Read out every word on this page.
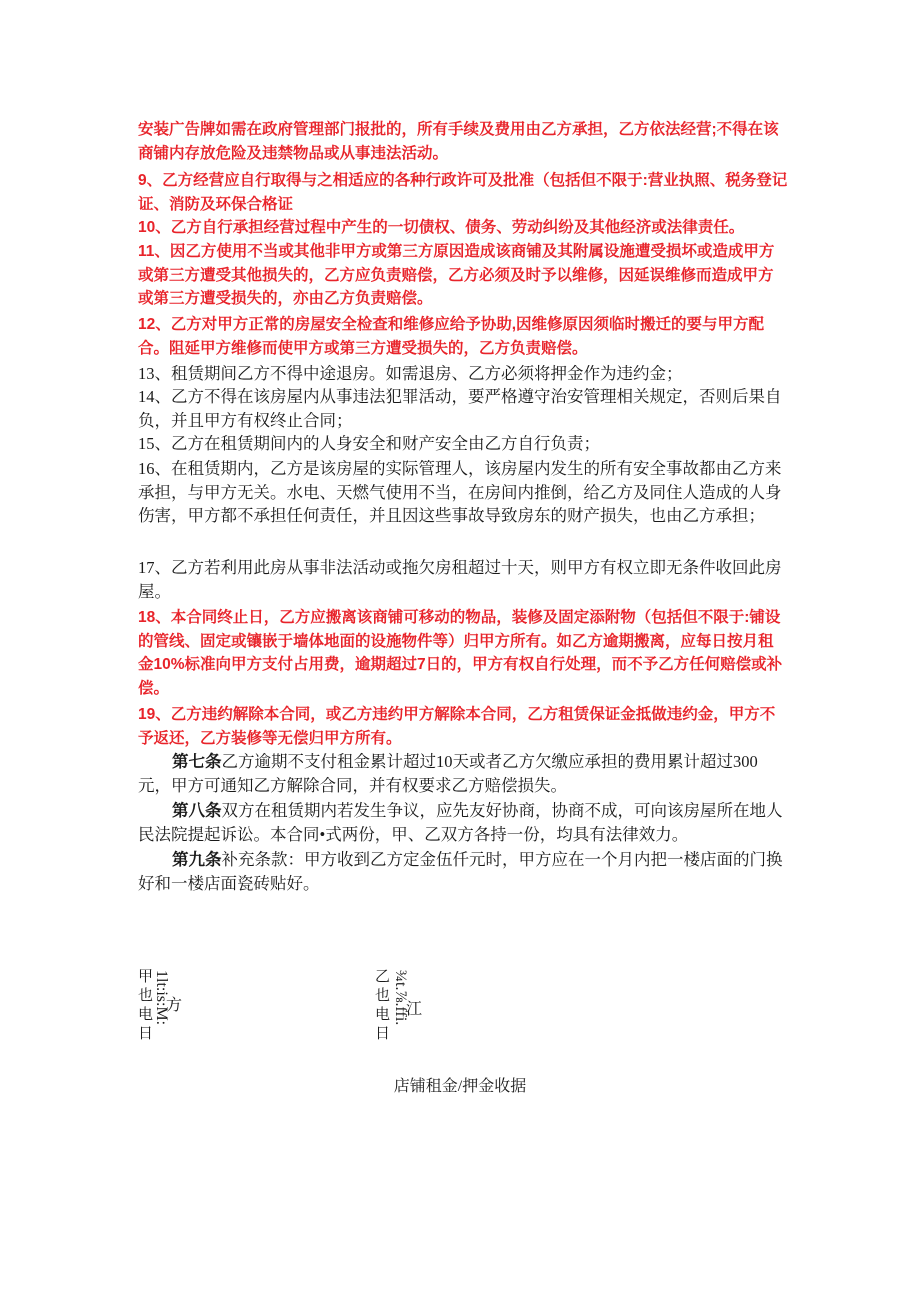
安装广告牌如需在政府管理部门报批的，所有手续及费用由乙方承担，乙方依法经营;不得在该商铺内存放危险及违禁物品或从事违法活动。

9、乙方经营应自行取得与之相适应的各种行政许可及批准（包括但不限于:营业执照、税务登记证、消防及环保合格证

10、乙方自行承担经营过程中产生的一切债权、债务、劳动纠纷及其他经济或法律责任。

11、因乙方使用不当或其他非甲方或第三方原因造成该商铺及其附属设施遭受损坏或造成甲方或第三方遭受其他损失的，乙方应负责赔偿，乙方必须及时予以维修，因延误维修而造成甲方或第三方遭受损失的，亦由乙方负责赔偿。

12、乙方对甲方正常的房屋安全检查和维修应给予协助,因维修原因须临时搬迁的要与甲方配合。阻延甲方维修而使甲方或第三方遭受损失的，乙方负责赔偿。

13、租赁期间乙方不得中途退房。如需退房、乙方必须将押金作为违约金；

14、乙方不得在该房屋内从事违法犯罪活动，要严格遵守治安管理相关规定，否则后果自负，并且甲方有权终止合同；

15、乙方在租赁期间内的人身安全和财产安全由乙方自行负责；

16、在租赁期内，乙方是该房屋的实际管理人，该房屋内发生的所有安全事故都由乙方来承担，与甲方无关。水电、天燃气使用不当，在房间内推倒，给乙方及同住人造成的人身伤害，甲方都不承担任何责任，并且因这些事故导致房东的财产损失，也由乙方承担；

17、乙方若利用此房从事非法活动或拖欠房租超过十天，则甲方有权立即无条件收回此房屋。

18、本合同终止日，乙方应搬离该商铺可移动的物品，装修及固定添附物（包括但不限于:铺设的管线、固定或镶嵌于墙体地面的设施物件等）归甲方所有。如乙方逾期搬离，应每日按月租金10%标准向甲方支付占用费，逾期超过7日的，甲方有权自行处理，而不予乙方任何赔偿或补偿。

19、乙方违约解除本合同，或乙方违约甲方解除本合同，乙方租赁保证金抵做违约金，甲方不予返还，乙方装修等无偿归甲方所有。

第七条乙方逾期不支付租金累计超过10天或者乙方欠缴应承担的费用累计超过300元，甲方可通知乙方解除合同，并有权要求乙方赔偿损失。

第八条双方在租赁期内若发生争议，应先友好协商，协商不成，可向该房屋所在地人民法院提起诉讼。本合同•式两份，甲、乙双方各持一份，均具有法律效力。

第九条补充条款：甲方收到乙方定金伍仟元时，甲方应在一个月内把一楼店面的门换好和一楼店面瓷砖贴好。

甲
也
电
日
1lt:is:M:
方
乙
也
电
日
¾t.⅞.ffi.
江
店铺租金/押金收据
